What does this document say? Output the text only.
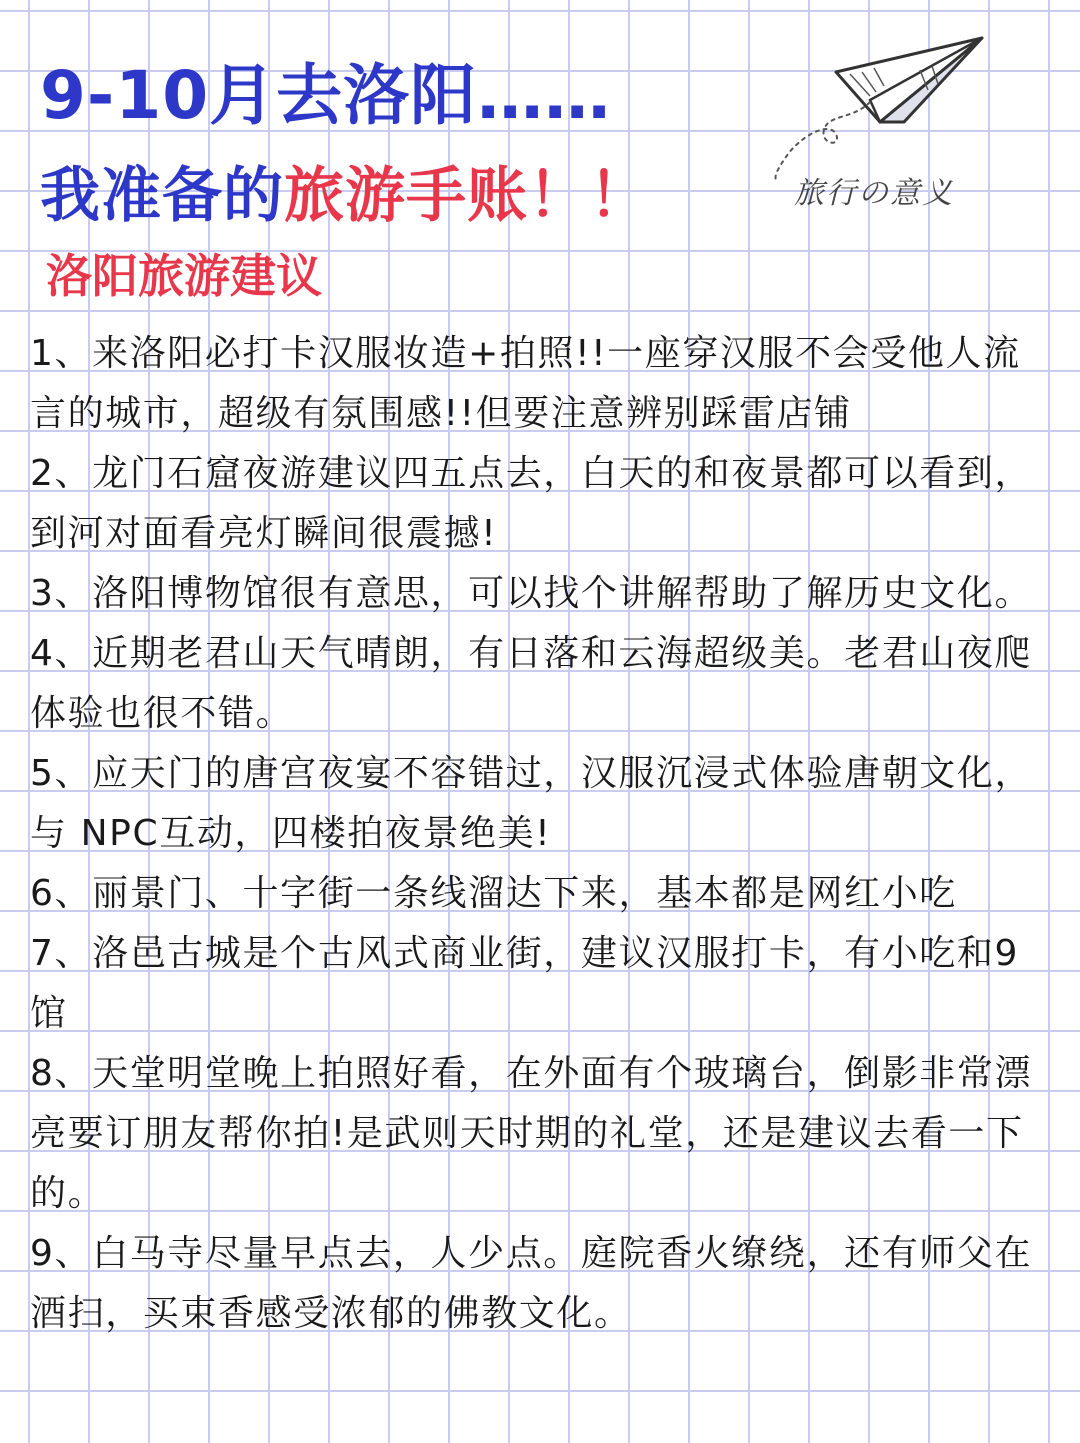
9-10月去洛阳……
我准备的旅游手账！！
洛阳旅游建议
旅行の意义
1、来洛阳必打卡汉服妆造+拍照!!一座穿汉服不会受他人流言的城市，超级有氛围感!!但要注意辨别踩雷店铺
2、龙门石窟夜游建议四五点去，白天的和夜景都可以看到，到河对面看亮灯瞬间很震撼!
3、洛阳博物馆很有意思，可以找个讲解帮助了解历史文化。
4、近期老君山天气晴朗，有日落和云海超级美。老君山夜爬体验也很不错。
5、应天门的唐宫夜宴不容错过，汉服沉浸式体验唐朝文化，与 NPC互动，四楼拍夜景绝美!
6、丽景门、十字街一条线溜达下来，基本都是网红小吃
7、洛邑古城是个古风式商业街，建议汉服打卡，有小吃和9馆
8、天堂明堂晚上拍照好看，在外面有个玻璃台，倒影非常漂亮要订朋友帮你拍!是武则天时期的礼堂，还是建议去看一下的。
9、白马寺尽量早点去，人少点。庭院香火缭绕，还有师父在酒扫，买束香感受浓郁的佛教文化。
